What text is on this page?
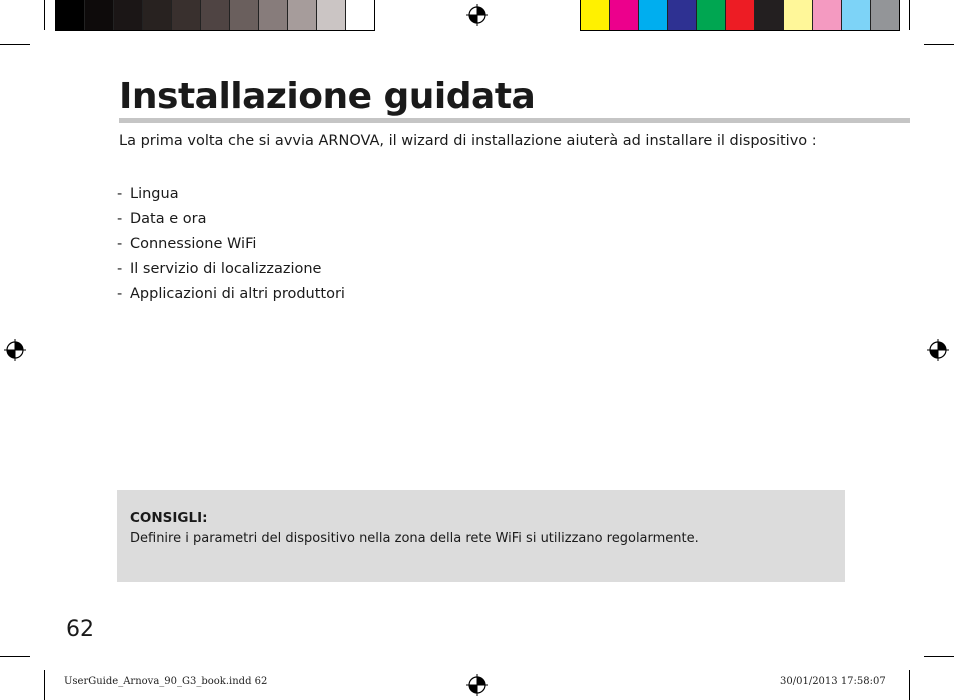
Installazione guidata

La prima volta che si avvia ARNOVA, il wizard di installazione aiuterà ad installare il dispositivo :

- Lingua
- Data e ora
- Connessione WiFi
- Il servizio di localizzazione
- Applicazioni di altri produttori
CONSIGLI:
Definire i parametri del dispositivo nella zona della rete WiFi si utilizzano regolarmente.
62
UserGuide_Arnova_90_G3_book.indd 62	30/01/2013 17:58:07
